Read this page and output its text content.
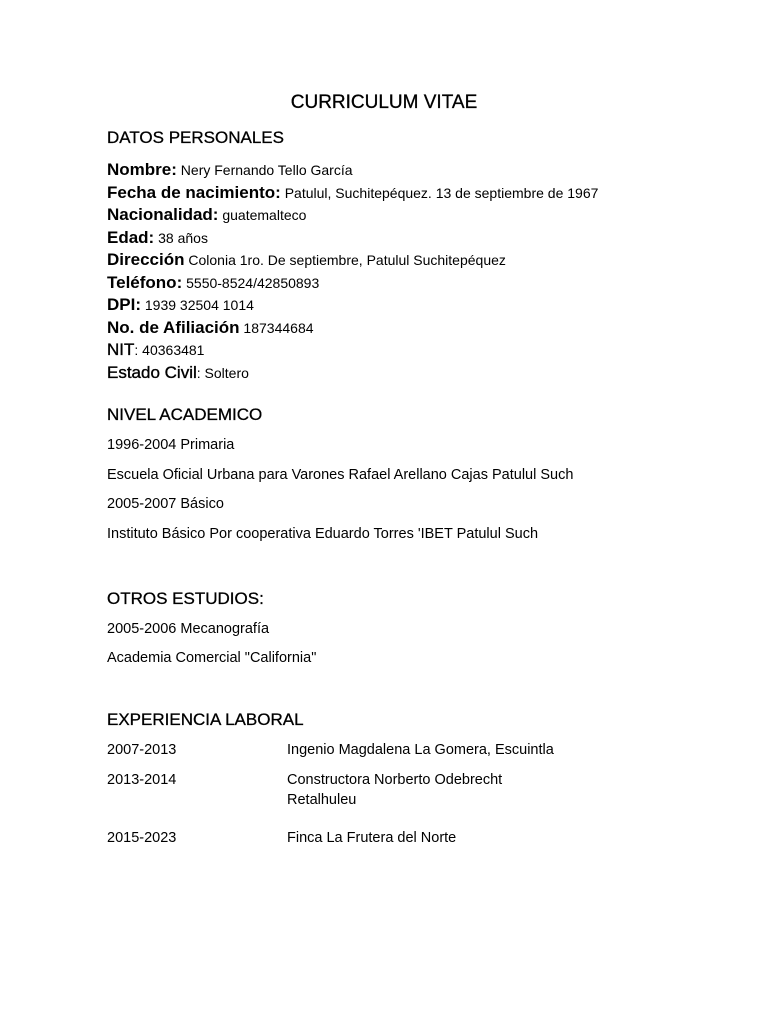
CURRICULUM VITAE
DATOS PERSONALES
Nombre: Nery Fernando Tello García
Fecha de nacimiento: Patulul, Suchitepéquez. 13 de septiembre de 1967
Nacionalidad: guatemalteco
Edad: 38 años
Dirección Colonia 1ro. De septiembre, Patulul Suchitepéquez
Teléfono: 5550-8524/42850893
DPI: 1939 32504 1014
No. de Afiliación 187344684
NIT: 40363481
Estado Civil: Soltero
NIVEL ACADEMICO

1996-2004 Primaria

Escuela Oficial Urbana para Varones Rafael Arellano Cajas Patulul Such

2005-2007 Básico

Instituto Básico Por cooperativa Eduardo Torres 'IBET Patulul Such

OTROS ESTUDIOS:

2005-2006 Mecanografía

Academia Comercial "California"

EXPERIENCIA LABORAL
2007-2013	Ingenio Magdalena La Gomera, Escuintla
2013-2014	Constructora Norberto Odebrecht
Retalhuleu
2015-2023	Finca La Frutera del Norte
